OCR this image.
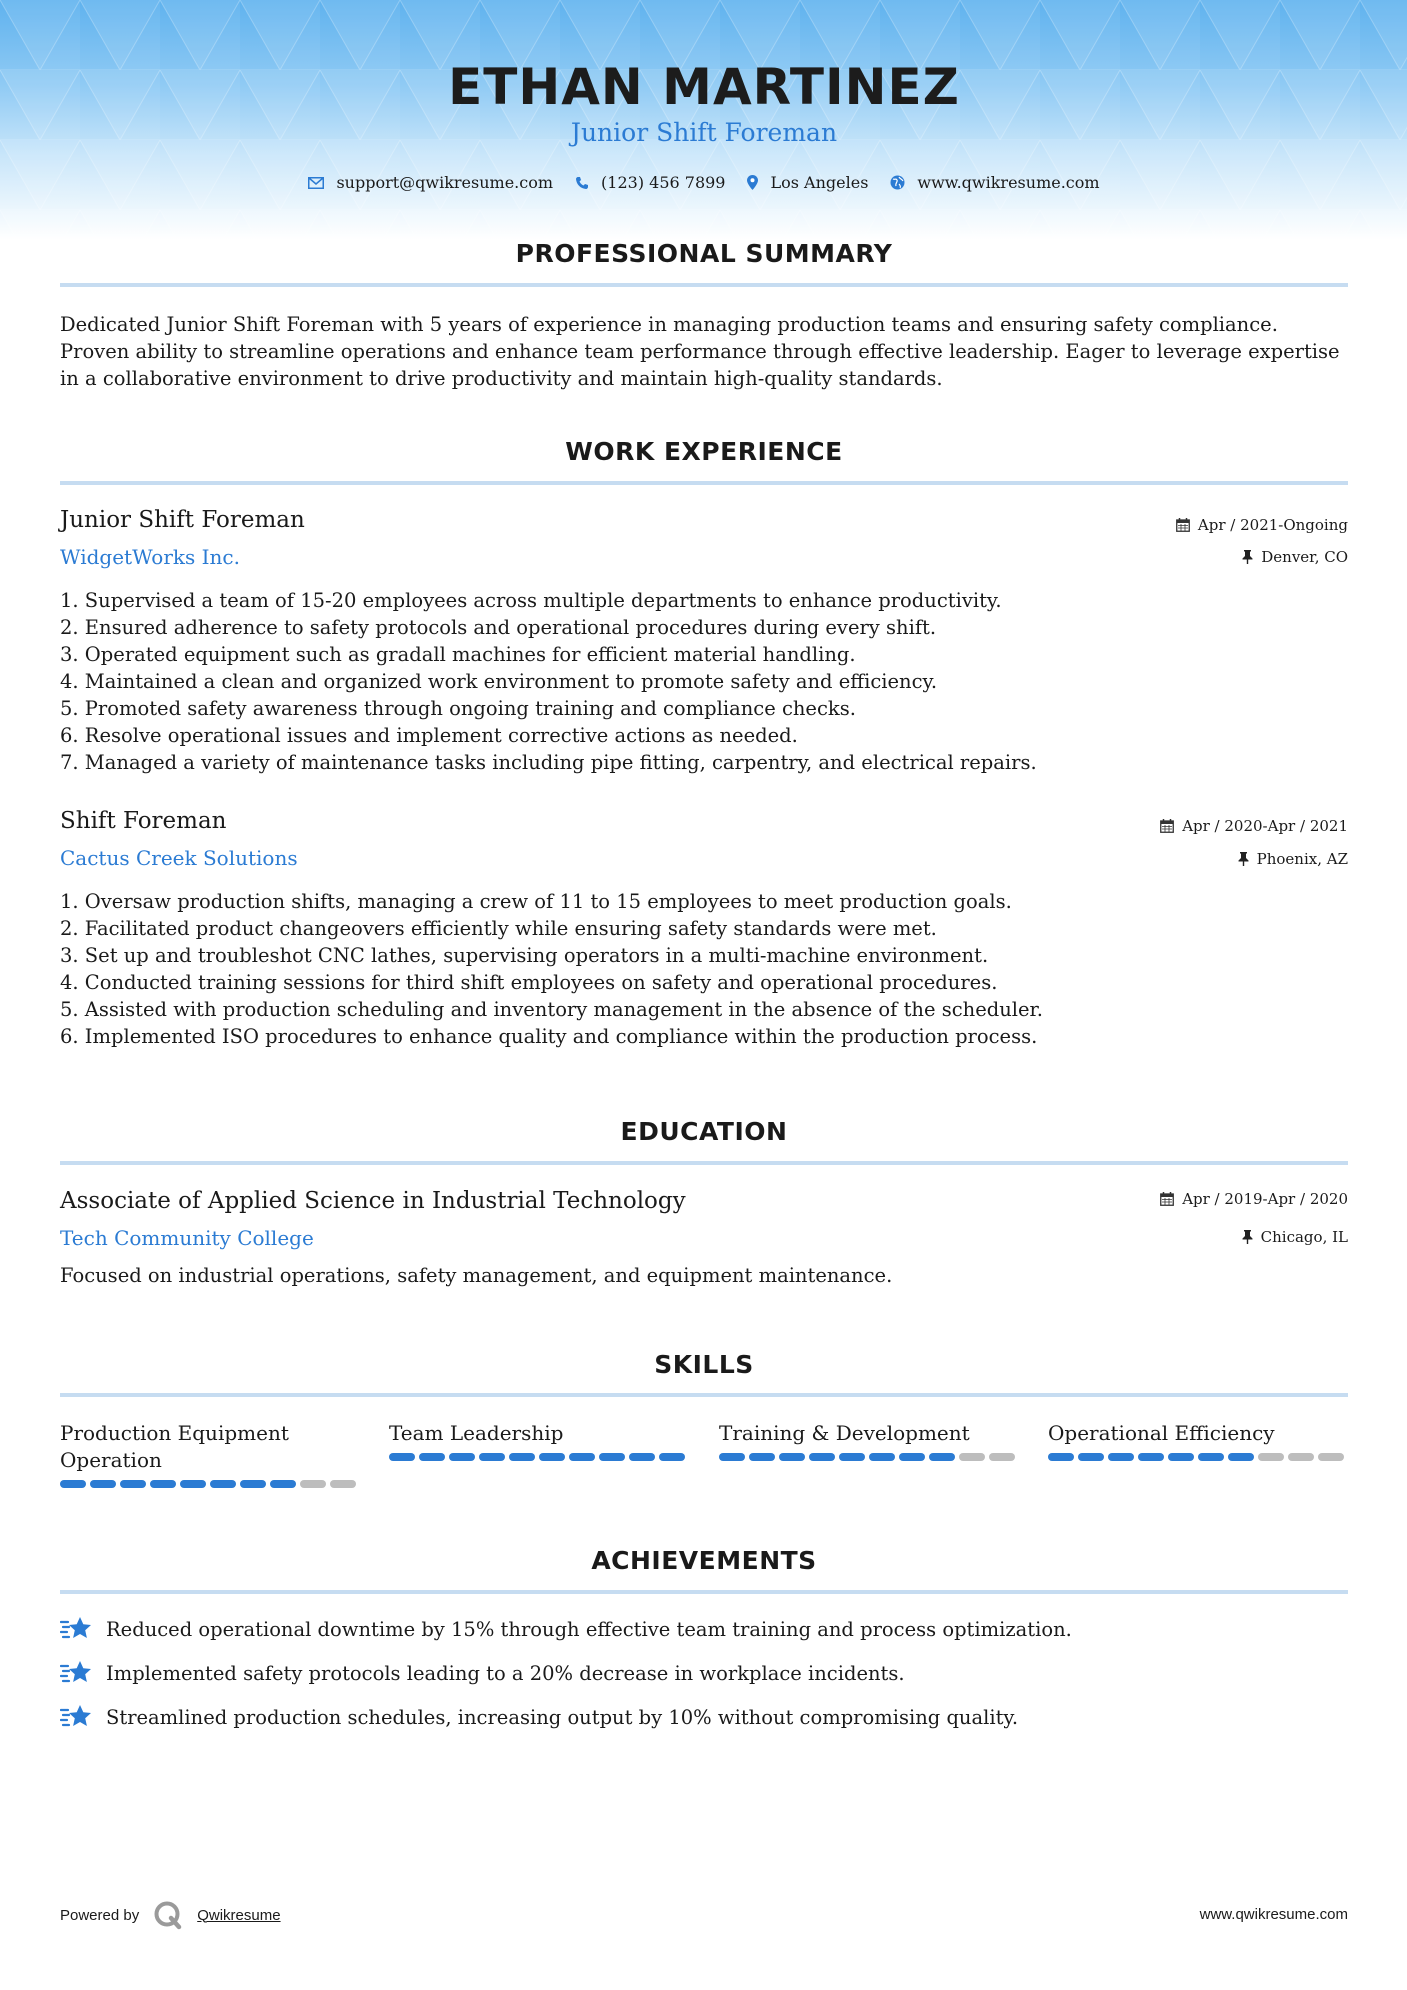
ETHAN MARTINEZ
Junior Shift Foreman
support@qwikresume.com	(123) 456 7899	Los Angeles	www.qwikresume.com
PROFESSIONAL SUMMARY
Dedicated Junior Shift Foreman with 5 years of experience in managing production teams and ensuring safety compliance. Proven ability to streamline operations and enhance team performance through effective leadership. Eager to leverage expertise in a collaborative environment to drive productivity and maintain high-quality standards.
WORK EXPERIENCE
Junior Shift Foreman
WidgetWorks Inc.
Apr / 2021-Ongoing
Denver, CO
1. Supervised a team of 15-20 employees across multiple departments to enhance productivity.
2. Ensured adherence to safety protocols and operational procedures during every shift.
3. Operated equipment such as gradall machines for efficient material handling.
4. Maintained a clean and organized work environment to promote safety and efficiency.
5. Promoted safety awareness through ongoing training and compliance checks.
6. Resolve operational issues and implement corrective actions as needed.
7. Managed a variety of maintenance tasks including pipe fitting, carpentry, and electrical repairs.
Shift Foreman
Cactus Creek Solutions
Apr / 2020-Apr / 2021
Phoenix, AZ
1. Oversaw production shifts, managing a crew of 11 to 15 employees to meet production goals.
2. Facilitated product changeovers efficiently while ensuring safety standards were met.
3. Set up and troubleshot CNC lathes, supervising operators in a multi-machine environment.
4. Conducted training sessions for third shift employees on safety and operational procedures.
5. Assisted with production scheduling and inventory management in the absence of the scheduler.
6. Implemented ISO procedures to enhance quality and compliance within the production process.
EDUCATION
Associate of Applied Science in Industrial Technology
Tech Community College
Apr / 2019-Apr / 2020
Chicago, IL
Focused on industrial operations, safety management, and equipment maintenance.
SKILLS
Production Equipment
Operation
Team Leadership	Training & Development	Operational Efficiency
ACHIEVEMENTS
Reduced operational downtime by 15% through effective team training and process optimization.
Implemented safety protocols leading to a 20% decrease in workplace incidents.
Streamlined production schedules, increasing output by 10% without compromising quality.
Powered by	Qwikresume	www.qwikresume.com
